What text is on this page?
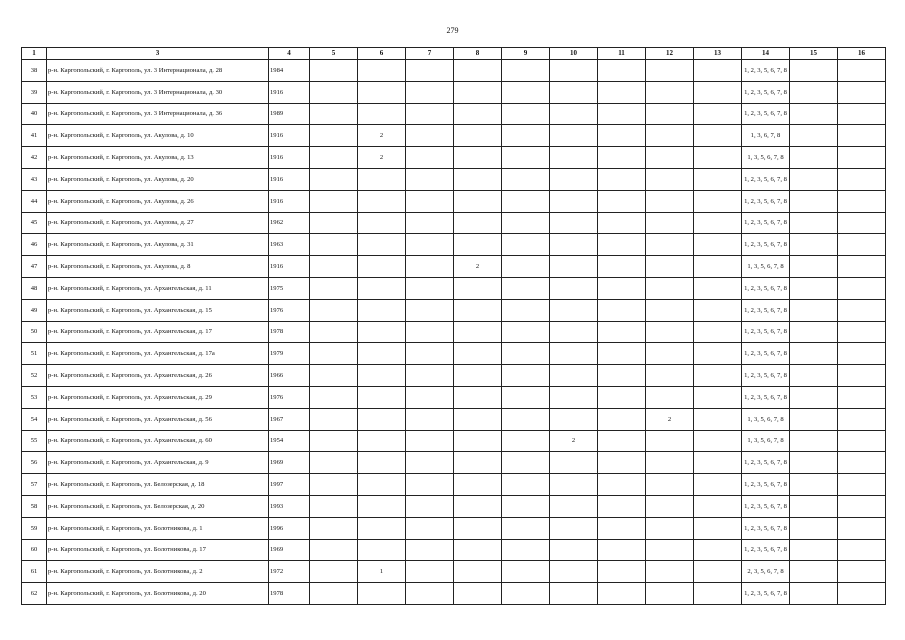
279
1	3	4	5	6	7	8	9	10	11	12	13	14	15	16
38	р-н. Каргопольский, г. Каргополь, ул. 3 Интернационала, д. 28	1984										1, 2, 3, 5, 6, 7, 8		
39	р-н. Каргопольский, г. Каргополь, ул. 3 Интернационала, д. 30	1916										1, 2, 3, 5, 6, 7, 8		
40	р-н. Каргопольский, г. Каргополь, ул. 3 Интернационала, д. 36	1989										1, 2, 3, 5, 6, 7, 8		
41	р-н. Каргопольский, г. Каргополь, ул. Акулова, д. 10	1916		2								1, 3, 6, 7, 8		
42	р-н. Каргопольский, г. Каргополь, ул. Акулова, д. 13	1916		2								1, 3, 5, 6, 7, 8		
43	р-н. Каргопольский, г. Каргополь, ул. Акулова, д. 20	1916										1, 2, 3, 5, 6, 7, 8		
44	р-н. Каргопольский, г. Каргополь, ул. Акулова, д. 26	1916										1, 2, 3, 5, 6, 7, 8		
45	р-н. Каргопольский, г. Каргополь, ул. Акулова, д. 27	1962										1, 2, 3, 5, 6, 7, 8		
46	р-н. Каргопольский, г. Каргополь, ул. Акулова, д. 31	1963										1, 2, 3, 5, 6, 7, 8		
47	р-н. Каргопольский, г. Каргополь, ул. Акулова, д. 8	1916				2						1, 3, 5, 6, 7, 8		
48	р-н. Каргопольский, г. Каргополь, ул. Архангельская, д. 11	1975										1, 2, 3, 5, 6, 7, 8		
49	р-н. Каргопольский, г. Каргополь, ул. Архангельская, д. 15	1976										1, 2, 3, 5, 6, 7, 8		
50	р-н. Каргопольский, г. Каргополь, ул. Архангельская, д. 17	1978										1, 2, 3, 5, 6, 7, 8		
51	р-н. Каргопольский, г. Каргополь, ул. Архангельская, д. 17а	1979										1, 2, 3, 5, 6, 7, 8		
52	р-н. Каргопольский, г. Каргополь, ул. Архангельская, д. 26	1966										1, 2, 3, 5, 6, 7, 8		
53	р-н. Каргопольский, г. Каргополь, ул. Архангельская, д. 29	1976										1, 2, 3, 5, 6, 7, 8		
54	р-н. Каргопольский, г. Каргополь, ул. Архангельская, д. 56	1967								2		1, 3, 5, 6, 7, 8		
55	р-н. Каргопольский, г. Каргополь, ул. Архангельская, д. 60	1954						2				1, 3, 5, 6, 7, 8		
56	р-н. Каргопольский, г. Каргополь, ул. Архангельская, д. 9	1969										1, 2, 3, 5, 6, 7, 8		
57	р-н. Каргопольский, г. Каргополь, ул. Белозерская, д. 18	1997										1, 2, 3, 5, 6, 7, 8		
58	р-н. Каргопольский, г. Каргополь, ул. Белозерская, д. 20	1993										1, 2, 3, 5, 6, 7, 8		
59	р-н. Каргопольский, г. Каргополь, ул. Болотникова, д. 1	1996										1, 2, 3, 5, 6, 7, 8		
60	р-н. Каргопольский, г. Каргополь, ул. Болотникова, д. 17	1969										1, 2, 3, 5, 6, 7, 8		
61	р-н. Каргопольский, г. Каргополь, ул. Болотникова, д. 2	1972		1								2, 3, 5, 6, 7, 8		
62	р-н. Каргопольский, г. Каргополь, ул. Болотникова, д. 20	1978										1, 2, 3, 5, 6, 7, 8		
